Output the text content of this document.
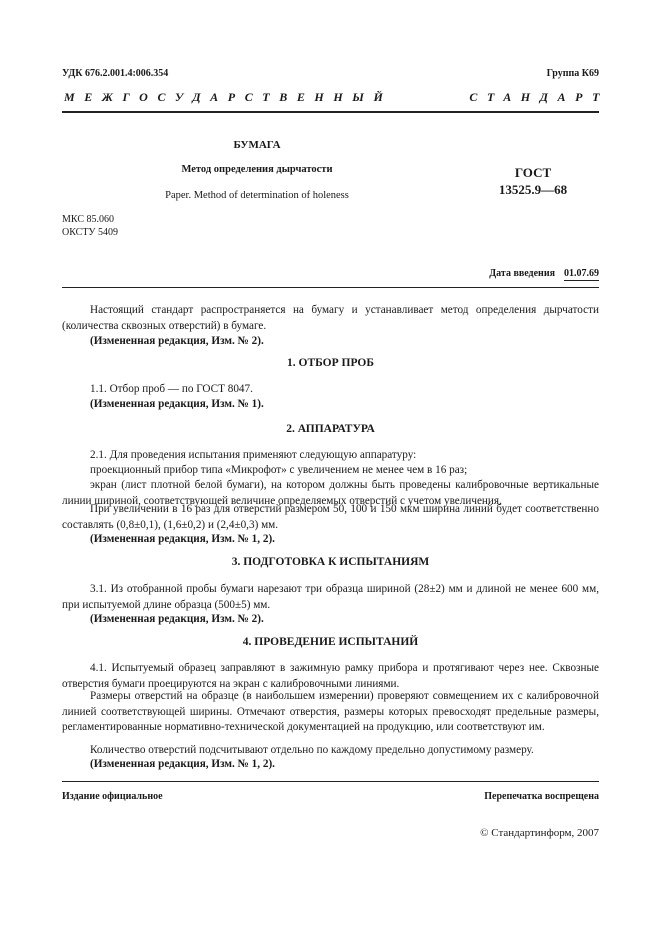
УДК 676.2.001.4:006.354	Группа К69
МЕЖГОСУДАРСТВЕННЫЙ	СТАНДАРТ
БУМАГА
Метод определения дырчатости
Paper. Method of determination of holeness
ГОСТ
13525.9—68
МКС 85.060
ОКСТУ 5409
Дата введения 01.07.69
Настоящий стандарт распространяется на бумагу и устанавливает метод определения дырчатости (количества сквозных отверстий) в бумаге.
(Измененная редакция, Изм. № 2).
1. ОТБОР ПРОБ
1.1. Отбор проб — по ГОСТ 8047.
(Измененная редакция, Изм. № 1).
2. АППАРАТУРА
2.1. Для проведения испытания применяют следующую аппаратуру:
проекционный прибор типа «Микрофот» с увеличением не менее чем в 16 раз;
экран (лист плотной белой бумаги), на котором должны быть проведены калибровочные вертикальные линии шириной, соответствующей величине определяемых отверстий с учетом увеличения.
При увеличении в 16 раз для отверстий размером 50, 100 и 150 мкм ширина линий будет соответственно составлять (0,8±0,1), (1,6±0,2) и (2,4±0,3) мм.
(Измененная редакция, Изм. № 1, 2).
3. ПОДГОТОВКА К ИСПЫТАНИЯМ
3.1. Из отобранной пробы бумаги нарезают три образца шириной (28±2) мм и длиной не менее 600 мм, при испытуемой длине образца (500±5) мм.
(Измененная редакция, Изм. № 2).
4. ПРОВЕДЕНИЕ ИСПЫТАНИЙ
4.1. Испытуемый образец заправляют в зажимную рамку прибора и протягивают через нее. Сквозные отверстия бумаги проецируются на экран с калибровочными линиями.
Размеры отверстий на образце (в наибольшем измерении) проверяют совмещением их с калибровочной линией соответствующей ширины. Отмечают отверстия, размеры которых превосходят предельные размеры, регламентированные нормативно-технической документацией на продукцию, или соответствуют им.
Количество отверстий подсчитывают отдельно по каждому предельно допустимому размеру.
(Измененная редакция, Изм. № 1, 2).
Издание официальное	Перепечатка воспрещена
© Стандартинформ, 2007
